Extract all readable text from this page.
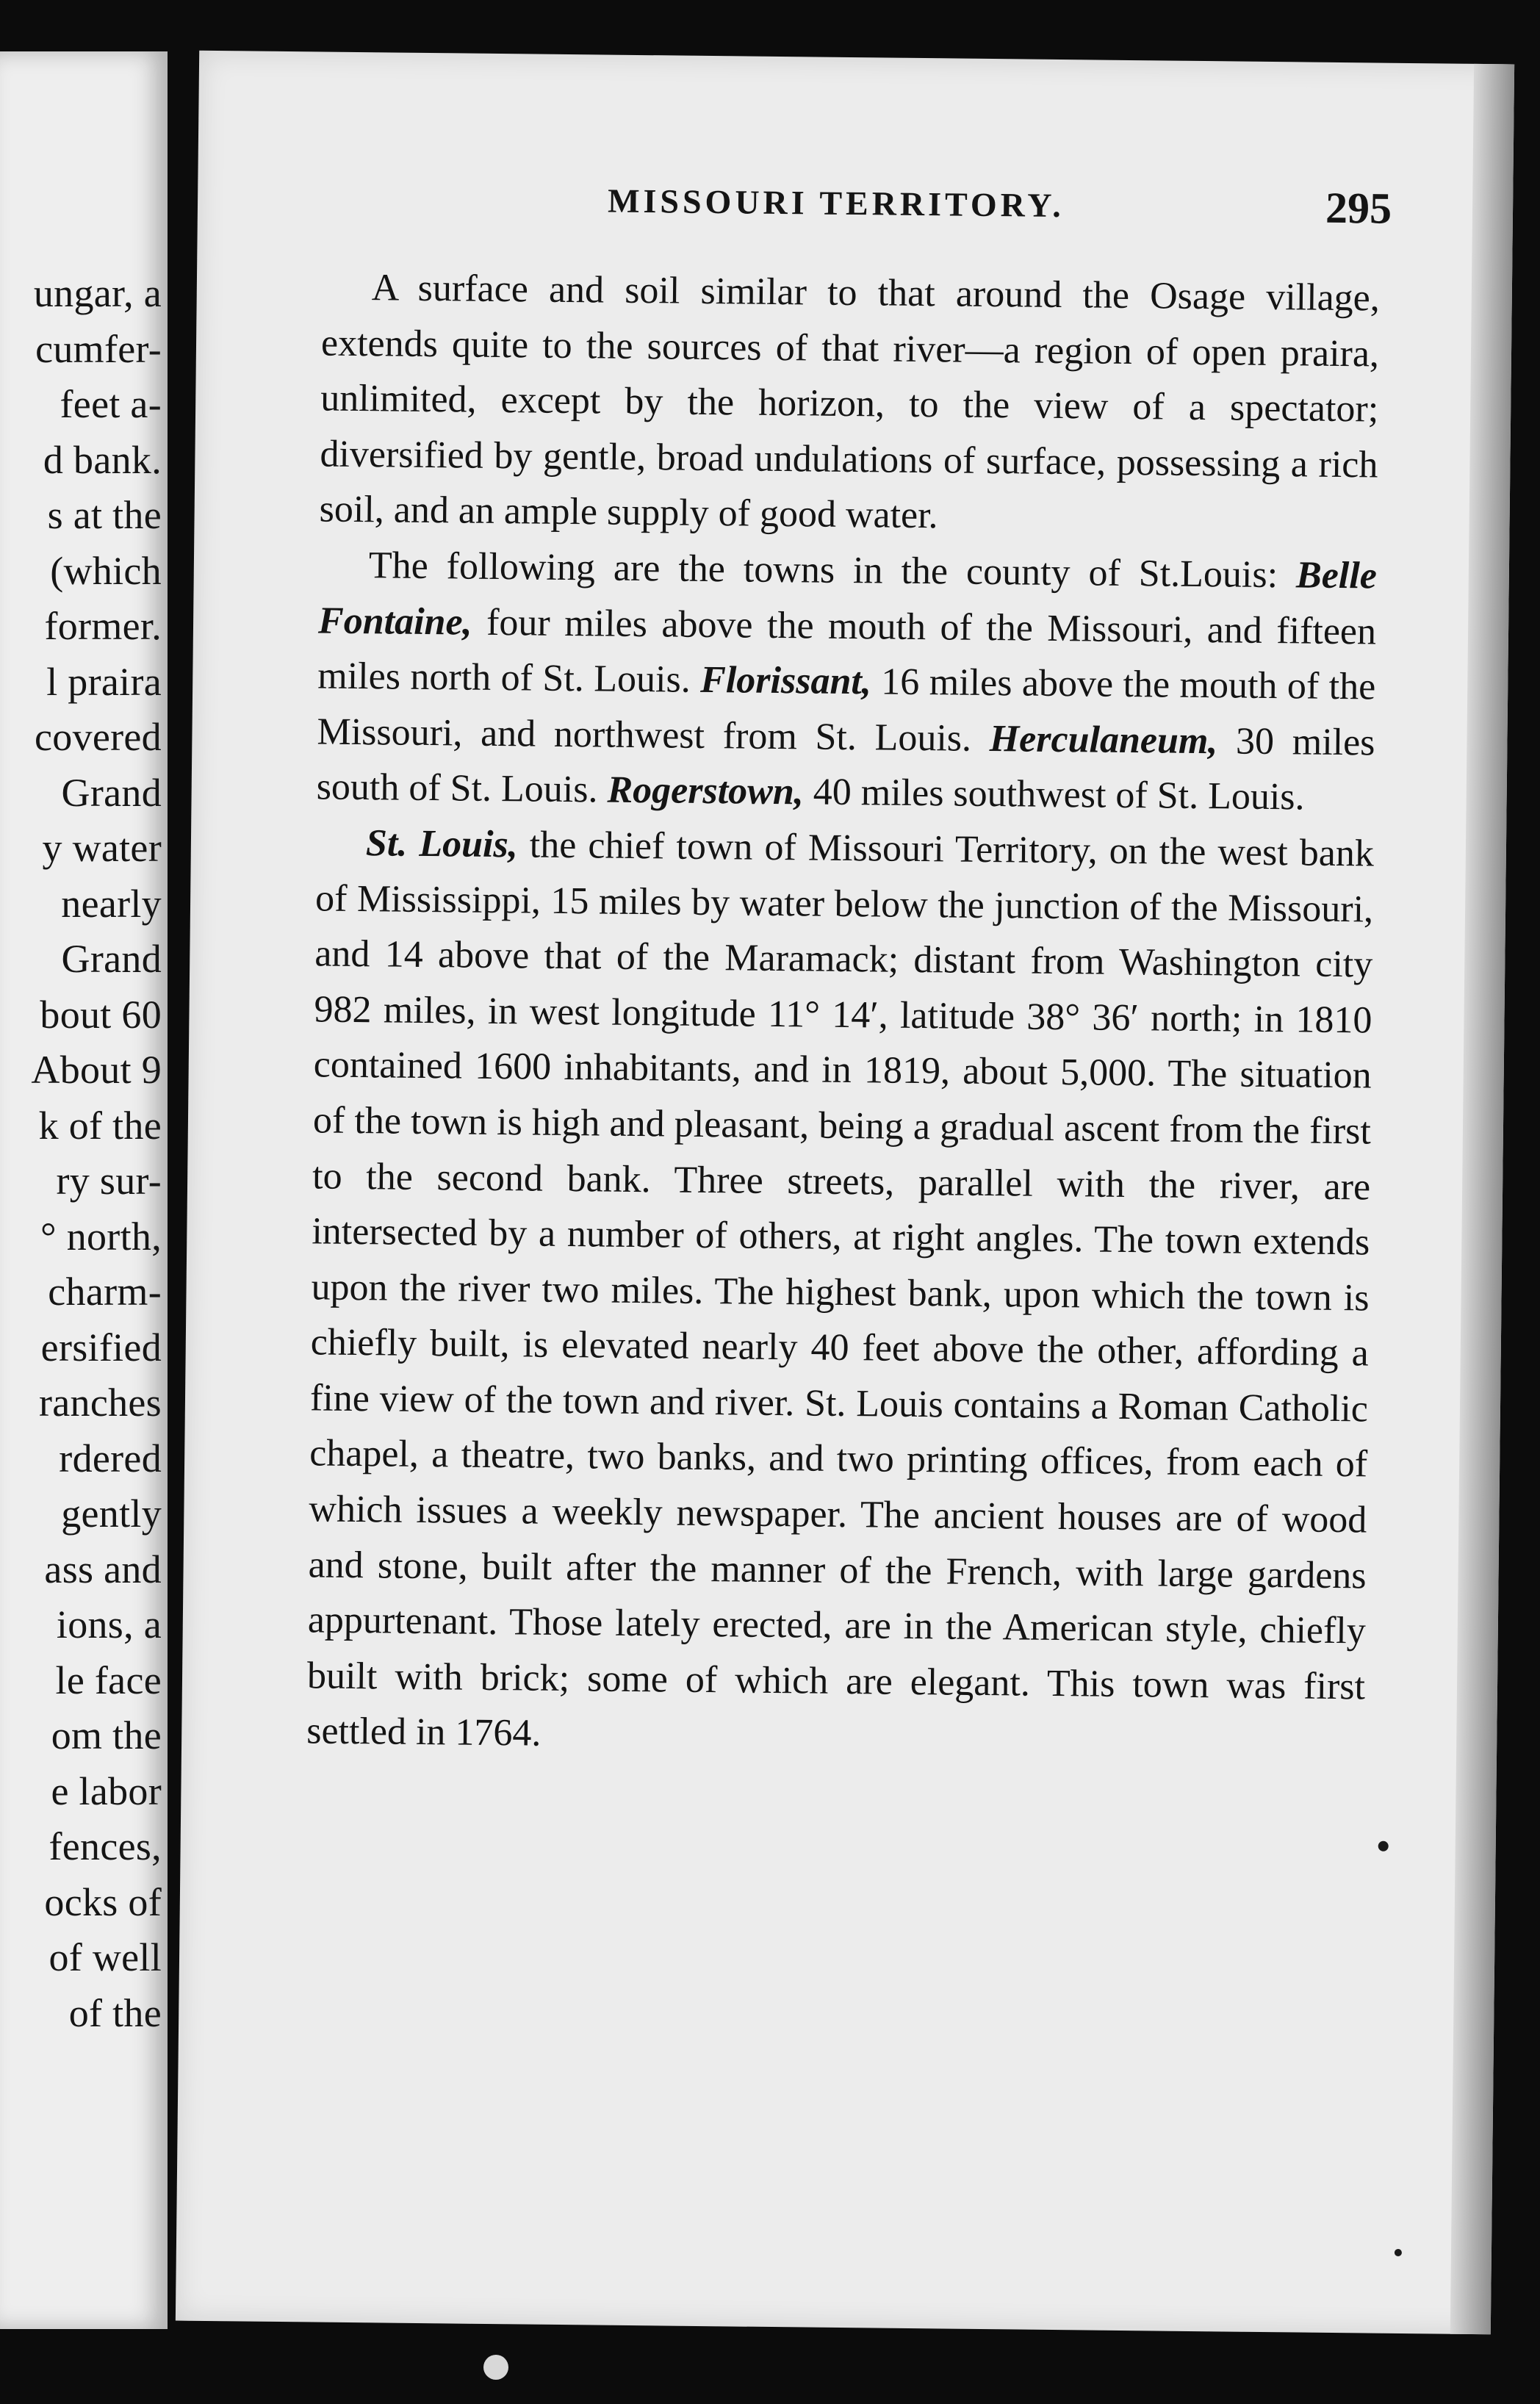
ungar, a
cumfer-
feet a-
d bank.
s at the
(which
former.
l praira
covered
Grand
y water
nearly
Grand
bout 60
About 9
k of the
ry sur-
° north,
charm-
ersified
ranches
rdered
gently
ass and
ions, a
le face
om the
e labor
fences,
ocks of
of well
of the
MISSOURI TERRITORY.	295

A surface and soil similar to that around the Osage village, extends quite to the sources of that river—a region of open praira, unlimited, except by the horizon, to the view of a spectator; diversified by gentle, broad undulations of surface, possessing a rich soil, and an ample supply of good water.

The following are the towns in the county of St.Louis: Belle Fontaine, four miles above the mouth of the Missouri, and fifteen miles north of St. Louis. Florissant, 16 miles above the mouth of the Missouri, and northwest from St. Louis. Herculaneum, 30 miles south of St. Louis. Rogerstown, 40 miles southwest of St. Louis.

St. Louis, the chief town of Missouri Territory, on the west bank of Mississippi, 15 miles by water below the junction of the Missouri, and 14 above that of the Maramack; distant from Washington city 982 miles, in west longitude 11° 14′, latitude 38° 36′ north; in 1810 contained 1600 inhabitants, and in 1819, about 5,000. The situation of the town is high and pleasant, being a gradual ascent from the first to the second bank. Three streets, parallel with the river, are intersected by a number of others, at right angles. The town extends upon the river two miles. The highest bank, upon which the town is chiefly built, is elevated nearly 40 feet above the other, affording a fine view of the town and river. St. Louis contains a Roman Catholic chapel, a theatre, two banks, and two printing offices, from each of which issues a weekly newspaper. The ancient houses are of wood and stone, built after the manner of the French, with large gardens appurtenant. Those lately erected, are in the American style, chiefly built with brick; some of which are elegant. This town was first settled in 1764.
